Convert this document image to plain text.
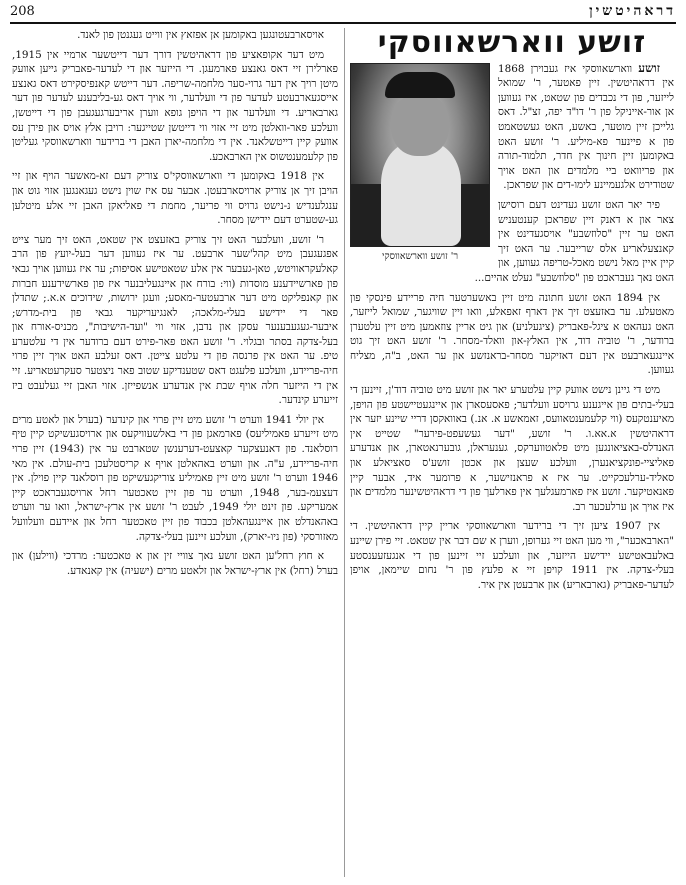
208	דראהיטשין
זושע ווארשאווסקי
ר' זושע ווארשאווסקי

זושע ווארשאווסקי איז געבוירן 1868 אין דראהיטשין. זיין פאטער, ר' שמואל לייזער, פון די נכבדים פון שטאט, איז געווען אן אור-אייניקל פון ר' דו"ד יפה, זצ"ל. דאס גלייכן זיין מוטער, באשע, האט געשטאמט פון א פיינער פא-מיליע. ר' זושע האט באקומען זיין חינוך אין חדר, תלמוד-תורה און פריוואט ביי מלמדים און האט אויך שטודירט אלגעמיינע לימו-דים און שפראכן.

פיר יאר האט זושע געדינט דעם רוסישן צאר און א דאנק זיין שפראכן קענטעניש האט ער זיין "סלוזשבע" אויסגעדינט אין קאנצעלאריע אלס שרייבער. ער האט זיך קיין איין מאל נישט מאכל-טריפה געווען, און האט נאך געבראכט פון "סלוזשבע" געלט אהיים...

אין 1894 האט זושע חתונה מיט זיין באשערטער חיה פריידע פינסקי פון מאטעלע. ער באזעצט זיך אין דארף זאפאלע, וואו זיין שוויגער, שמואל לייזער, האט געהאט א ציגל-פאבריק (ציגעלניע) און גיט אריין צוזאמען מיט זיין עלטערן ברודער, ר' טוביה דוד, אין האלץ-און וואלד-מסחר. ר' זושע האט זיך גוט איינגעארבעט אין דעם דאזיקער מסחר-בראנזשע און ער האט, ב"ה, מצליח געווען.

מיט די גיינן נישט אוועק קיין עלטערע יאר און זושע מיט טוביה דוד'ן, זיינען די בעלי-בתים פון אייגענע גרויסע וועלדער; פאסעסארן און איינגעטיישטע פון הויפן, מאיענטקעס (ווי קלעמענטאוועס, זאמאשע א. אנ.) באוואקסן דריי שיינע יזער אין דראהיטשין א.אא.ו. ר' זושע, "דער געשעפט-פירער" שטייט אין האנדלס-באציאונגען מיט פלאטווערקס, גענעראלן, גובערנאטארן, און אנדערע פאליציי-פונקציאנערן, וועלכע שעצן און אכטן זושע'ס סאציאלע און סאליד-ערלעכקייט. ער איז א פראנזישער, א פרומער איד, אבער קיין פאנאטיקער. זושע איז פארמעגלעך אין פארלעך פון די דראהיטשינער מלמדים און איז אויך אן ערלעכער רב.

אין 1907 ציען זיך די ברידער ווארשאווסקי אריין קיין דראהיטשין. די "הארבאכער", ווי מען האט זיי גערופן, ווערן א שם דבר אין שטאט. זיי פירן שיינע באלעבאטישע יידישע הייזער, און וועלכע זיי זיינען פון די אנגעזעענסטע בעלי-צדקה. אין 1911 קויפן זיי א פלעץ פון ר' נחום שיימאן, אויפן לעדער-פאבריק (גארבאריע) און ארבעטן אין איר.

אויסארבעטונגען באקומען אן אפזאץ אין ווייט געגנטן פון לאנד.

מיט דער אקופאציע פון דראהיטשין דורך דער דייטשער ארמיי אין 1915, פארלירן זיי דאס גאנצע פארמעגן. די הייזער און די לעדער-פאבריק גייען אוועק מיטן רויך אין דער גרוי-סער מלחמה-שריפה. דער דייטש קאנפיסקירט דאס גאנצע אייסגעארבעטע לעדער פון די וועלדער, ווי אויך דאס גע-בליבענע לעדער פון דער גארבאריע. די וועלדער און די הויפן גופא ווערן אריבערגעגעבן פון די דייטשן, וועלכע פאר-וואלטן מיט זיי אזוי ווי דייטשן שטייגער: רויבן אלץ אויס און פירן עס אוועק קיין דייטשלאנד. אין די מלחמה-יארן האבן די ברידער ווארשאווסקי געליטן פון קלעמענטשוס אין הארבאכע.

אין 1918 באקומען די ווארשאווסקי'ס צוריק דעם זא-מאשער הויף און זיי הויבן זיך אן צוריק ארויסארבעטן. אבער עס איז שוין נישט געגאנגען אזוי גוט און ענגלענדיש נ-נישט גרויס ווי פריער, מחמת די פאליאקן האבן זיי אלע מיטלען גע-שטערט דעם יידישן מסחר.

ר' זושע, וועלכער האט זיך צוריק באזעצט אין שטאט, האט זיך מער צייט אפגעגעבן מיט קהל'שער ארבעט. ער איז געווען דער בעל-יועץ פון הרב קאלעקראוויטש, טאן-געבער אין אלע שטאטישע אסיפות; ער איז געווען אויך גבאי פון פארשיידענע מוסדות (ווי: בורח און איינגעליבנער איז פון פארשידענע חברות און קאנפליקט מיט דער ארבעטער-מאסע; וועגן ירושות, שידוכים א.א.; שתדלן פאר די יידישע בעלי-מלאכה; לאנגיעריקער גבאי פון בית-מדרש; איבער-געגעבענער עסקן און נדבן, אזוי ווי "ועד-הישיבות", מכניס-אורח און בעל-צדקה בסתר ובגלוי. ר' זושע האט פאר-פירט דעם ברודער אין די עלטערע טיפ. ער האט אין פרנסה פון די עלטע צייטן. דאס זעלבע האט אויך זיין פרוי חיה-פריידע, וועלכע פלעגט דאס שטענדיקע שטוב פאר ניצטער סעקרעטאריע. זיי אין די הייזער חלה אויף שבת אין אנדערע אנשפייזן. אזוי האבן זיי געלעבט ביז זייערע קינדער.

אין יולי 1941 ווערט ר' זושע מיט זיין פרוי און קינדער (בערל און לאטע מרים מיט זייערע פאמיליעס) פארמאגן פון די באלשעוויקעס און ארויסגעשיקט קיין טיף רוסלאנד. פון דאנעצקער קאצעט-דערענשן שטארבט ער אין (1943) זיין פרוי חיה-פריידע, ע"ה. און ווערט באהאלטן אויף א קריסטלעכן בית-עולם. אין מאי 1946 ווערט ר' זושע מיט זיין פאמיליע צוריקגעשיקט פון רוסלאנד קיין פוילן. אין דעצעמ-בער, 1948, ווערט ער פון זיין טאכטער רחל ארויסגעבראכט קיין אמעריקע. פון זינט יולי 1949, לעבט ר' זושע אין ארץ-ישראל, וואו ער ווערט באהאנדלט און איינגעהאלטן בכבוד פון זיין טאכטער רחל און איידעם וועלוועל מאזורסקי (פון ניו-יארק), וועלכע זיינען בעלי-צדקה.

א חוץ רחל'ען האט זושע נאך צוויי זין און א טאכטער: מרדכי (ווילען) און בערל (רחל) אין ארץ-ישראל און זלאטע מרים (ישעיה) אין קאנאדע.
